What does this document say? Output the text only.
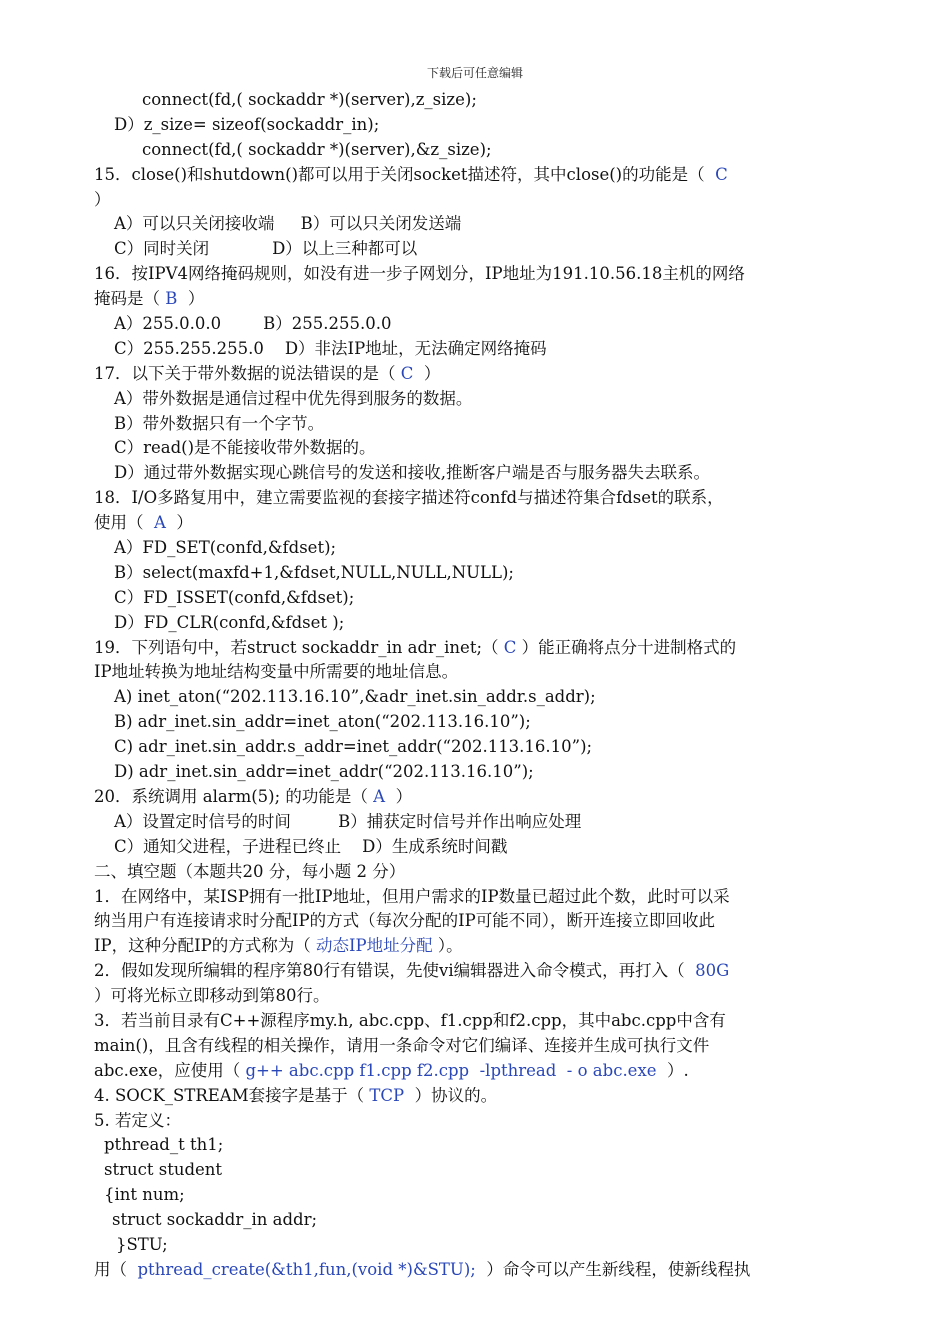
下载后可任意编辑
connect(fd,( sockaddr *)(server),z_size);
D）z_size= sizeof(sockaddr_in);
connect(fd,( sockaddr *)(server),&z_size);
15．close()和shutdown()都可以用于关闭socket描述符，其中close()的功能是（  C
）
A）可以只关闭接收端     B）可以只关闭发送端
C）同时关闭            D）以上三种都可以
16．按IPV4网络掩码规则，如没有进一步子网划分，IP地址为191.10.56.18主机的网络
掩码是（ B  ）
A）255.0.0.0        B）255.255.0.0
C）255.255.255.0    D）非法IP地址，无法确定网络掩码
17．以下关于带外数据的说法错误的是（ C  ）
A）带外数据是通信过程中优先得到服务的数据。
B）带外数据只有一个字节。
C）read()是不能接收带外数据的。
D）通过带外数据实现心跳信号的发送和接收,推断客户端是否与服务器失去联系。
18．I/O多路复用中，建立需要监视的套接字描述符confd与描述符集合fdset的联系，
使用（  A  ）
A）FD_SET(confd,&fdset);
B）select(maxfd+1,&fdset,NULL,NULL,NULL);
C）FD_ISSET(confd,&fdset);
D）FD_CLR(confd,&fdset );
19．下列语句中，若struct sockaddr_in adr_inet;（ C ）能正确将点分十进制格式的
IP地址转换为地址结构变量中所需要的地址信息。
A) inet_aton(“202.113.16.10”,&adr_inet.sin_addr.s_addr);
B) adr_inet.sin_addr=inet_aton(“202.113.16.10”);
C) adr_inet.sin_addr.s_addr=inet_addr(“202.113.16.10”);
D) adr_inet.sin_addr=inet_addr(“202.113.16.10”);
20．系统调用 alarm(5); 的功能是（ A  ）
A）设置定时信号的时间         B）捕获定时信号并作出响应处理
C）通知父进程，子进程已终止    D）生成系统时间戳
二、填空题（本题共20 分，每小题 2 分）
1．在网络中，某ISP拥有一批IP地址，但用户需求的IP数量已超过此个数，此时可以采
纳当用户有连接请求时分配IP的方式（每次分配的IP可能不同），断开连接立即回收此
IP，这种分配IP的方式称为（ 动态IP地址分配 ）。
2．假如发现所编辑的程序第80行有错误，先使vi编辑器进入命令模式，再打入（  80G
）可将光标立即移动到第80行。
3．若当前目录有C++源程序my.h, abc.cpp、f1.cpp和f2.cpp，其中abc.cpp中含有
main()，且含有线程的相关操作，请用一条命令对它们编译、连接并生成可执行文件
abc.exe，应使用（ g++ abc.cpp f1.cpp f2.cpp  -lpthread  - o abc.exe  ）.
4. SOCK_STREAM套接字是基于（ TCP  ）协议的。
5. 若定义：
pthread_t th1;
struct student
{int num;
struct sockaddr_in addr;
}STU;
用（  pthread_create(&th1,fun,(void *)&STU);  ）命令可以产生新线程，使新线程执
